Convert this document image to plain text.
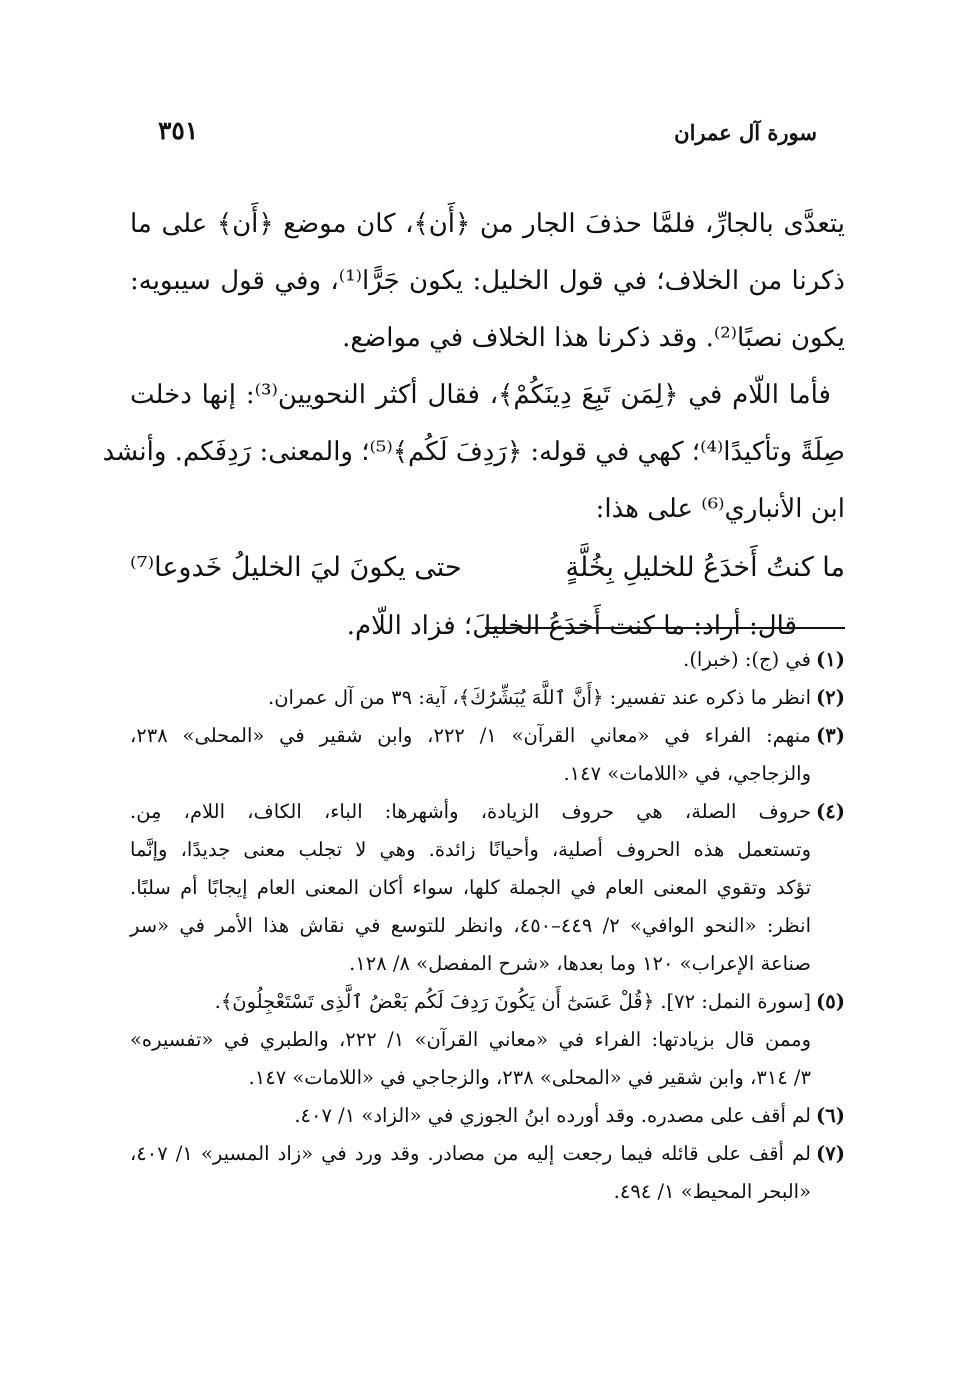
سورة آل عمران
٣٥١
يتعدَّى بالجارِّ، فلمَّا حذفَ الجار من ﴿أَن﴾، كان موضع ﴿أَن﴾ على ما
ذكرنا من الخلاف؛ في قول الخليل: يكون جَرًّا⁽¹⁾، وفي قول سيبويه:
يكون نصبًا⁽²⁾. وقد ذكرنا هذا الخلاف في مواضع.
فأما اللّام في ﴿لِمَن تَبِعَ دِينَكُمْ﴾، فقال أكثر النحويين⁽³⁾: إنها دخلت
صِلَةً وتأكيدًا⁽⁴⁾؛ كهي في قوله: ﴿رَدِفَ لَكُم﴾⁽⁵⁾؛ والمعنى: رَدِفَكم. وأنشد
ابن الأنباري⁽⁶⁾ على هذا:
ما كنتُ أَخدَعُ للخليلِ بِخُلَّةٍ
حتى يكونَ ليَ الخليلُ خَدوعا⁽⁷⁾
قال: أراد: ما كنت أَخدَعُ الخليلَ؛ فزاد اللّام.
(١)في (ج): (خبرا).
(٢)انظر ما ذكره عند تفسير: ﴿أَنَّ ٱللَّهَ يُبَشِّرُكَ﴾، آية: ٣٩ من آل عمران.
(٣)منهم: الفراء في «معاني القرآن» ١/ ٢٢٢، وابن شقير في «المحلى» ٢٣٨،
والزجاجي، في «اللامات» ١٤٧.
(٤)حروف الصلة، هي حروف الزيادة، وأشهرها: الباء، الكاف، اللام، مِن.
وتستعمل هذه الحروف أصلية، وأحيانًا زائدة. وهي لا تجلب معنى جديدًا، وإنَّما
تؤكد وتقوي المعنى العام في الجملة كلها، سواء أكان المعنى العام إيجابًا أم سلبًا.
انظر: «النحو الوافي» ٢/ ٤٤٩–٤٥٠، وانظر للتوسع في نقاش هذا الأمر في «سر
صناعة الإعراب» ١٢٠ وما بعدها، «شرح المفصل» ٨/ ١٢٨.
(٥)[سورة النمل: ٧٢]. ﴿قُلْ عَسَىٰٓ أَن يَكُونَ رَدِفَ لَكُم بَعْضُ ٱلَّذِى تَسْتَعْجِلُونَ﴾.
وممن قال بزيادتها: الفراء في «معاني القرآن» ١/ ٢٢٢، والطبري في «تفسيره»
٣/ ٣١٤، وابن شقير في «المحلى» ٢٣٨، والزجاجي في «اللامات» ١٤٧.
(٦)لم أقف على مصدره. وقد أورده ابنُ الجوزي في «الزاد» ١/ ٤٠٧.
(٧)لم أقف على قائله فيما رجعت إليه من مصادر. وقد ورد في «زاد المسير» ١/ ٤٠٧،
«البحر المحيط» ١/ ٤٩٤.
